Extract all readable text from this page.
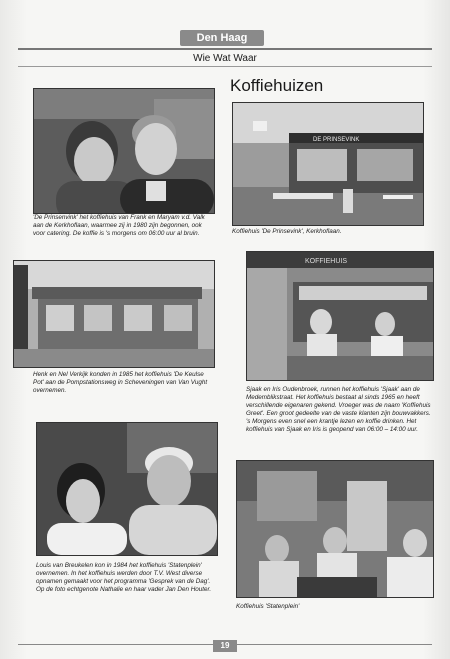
Den Haag
Wie Wat Waar
Koffiehuizen
'De Prinsenvink' het koffiehuis van Frank en Maryam v.d. Valk aan de Kerkhoflaan, waarmee zij in 1980 zijn begonnen, ook voor catering. De koffie is 's morgens om 06:00 uur al bruin.
DE PRINSEVINK
Koffiehuis 'De Prinsevink', Kerkhoflaan.
Henk en Nel Verkijk konden in 1985 het koffiehuis 'De Keulse Pot' aan de Pompstationsweg in Scheveningen van Van Vught overnemen.
KOFFIEHUIS
Sjaak en Iris Oudenbroek, runnen het koffiehuis 'Sjaak' aan de Medemblikstraat. Het koffiehuis bestaat al sinds 1965 en heeft verschillende eigenaren gekend. Vroeger was de naam 'Koffiehuis Greet'. Een groot gedeelte van de vaste klanten zijn bouwvakkers. 's Morgens even snel een krantje lezen en koffie drinken. Het koffiehuis van Sjaak en Iris is geopend van 06:00 – 14:00 uur.
Louis van Breukelen kon in 1984 het koffiehuis 'Statenplein' overnemen. In het koffiehuis werden door T.V. West diverse opnamen gemaakt voor het programma 'Gesprek van de Dag'. Op de foto echtgenote Nathalie en haar vader Jan Den Houter.
Koffiehuis 'Statenplein'
19
